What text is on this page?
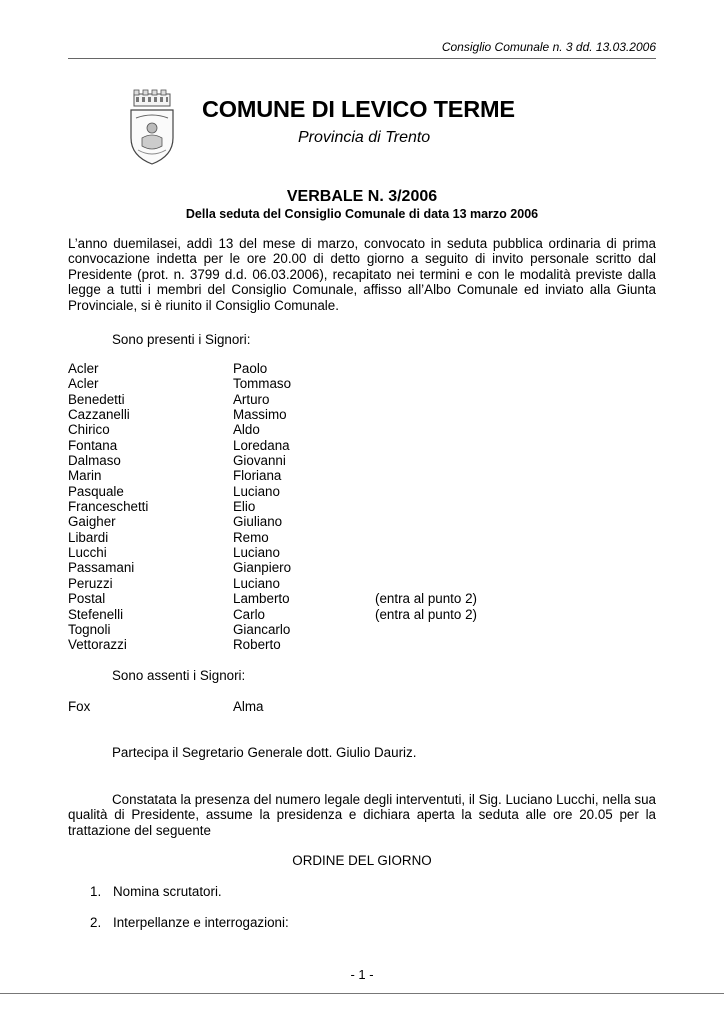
Consiglio Comunale n. 3 dd. 13.03.2006
COMUNE DI LEVICO TERME
Provincia di Trento
VERBALE N. 3/2006
Della seduta del Consiglio Comunale di data 13 marzo 2006
L’anno duemilasei, addì 13 del mese di marzo, convocato in seduta pubblica ordinaria di prima convocazione indetta per le ore 20.00 di detto giorno a seguito di invito personale scritto dal Presidente (prot. n. 3799 d.d. 06.03.2006), recapitato nei termini e con le modalità previste dalla legge a tutti i membri del Consiglio Comunale, affisso all’Albo Comunale ed inviato alla Giunta Provinciale, si è riunito il Consiglio Comunale.
Sono presenti i Signori:
Acler	Paolo
Acler	Tommaso
Benedetti	Arturo
Cazzanelli	Massimo
Chirico	Aldo
Fontana	Loredana
Dalmaso	Giovanni
Marin	Floriana
Pasquale	Luciano
Franceschetti	Elio
Gaigher	Giuliano
Libardi	Remo
Lucchi	Luciano
Passamani	Gianpiero
Peruzzi	Luciano
Postal	Lamberto	(entra al punto 2)
Stefenelli	Carlo	(entra al punto 2)
Tognoli	Giancarlo
Vettorazzi	Roberto
Sono assenti i Signori:
Fox	Alma
Partecipa il Segretario Generale dott. Giulio Dauriz.
Constatata la presenza del numero legale degli interventuti, il Sig. Luciano Lucchi, nella sua qualità di Presidente, assume la presidenza e dichiara aperta la seduta alle ore 20.05 per la trattazione del seguente
ORDINE DEL GIORNO
1. Nomina scrutatori.
2. Interpellanze e interrogazioni:
- 1 -
